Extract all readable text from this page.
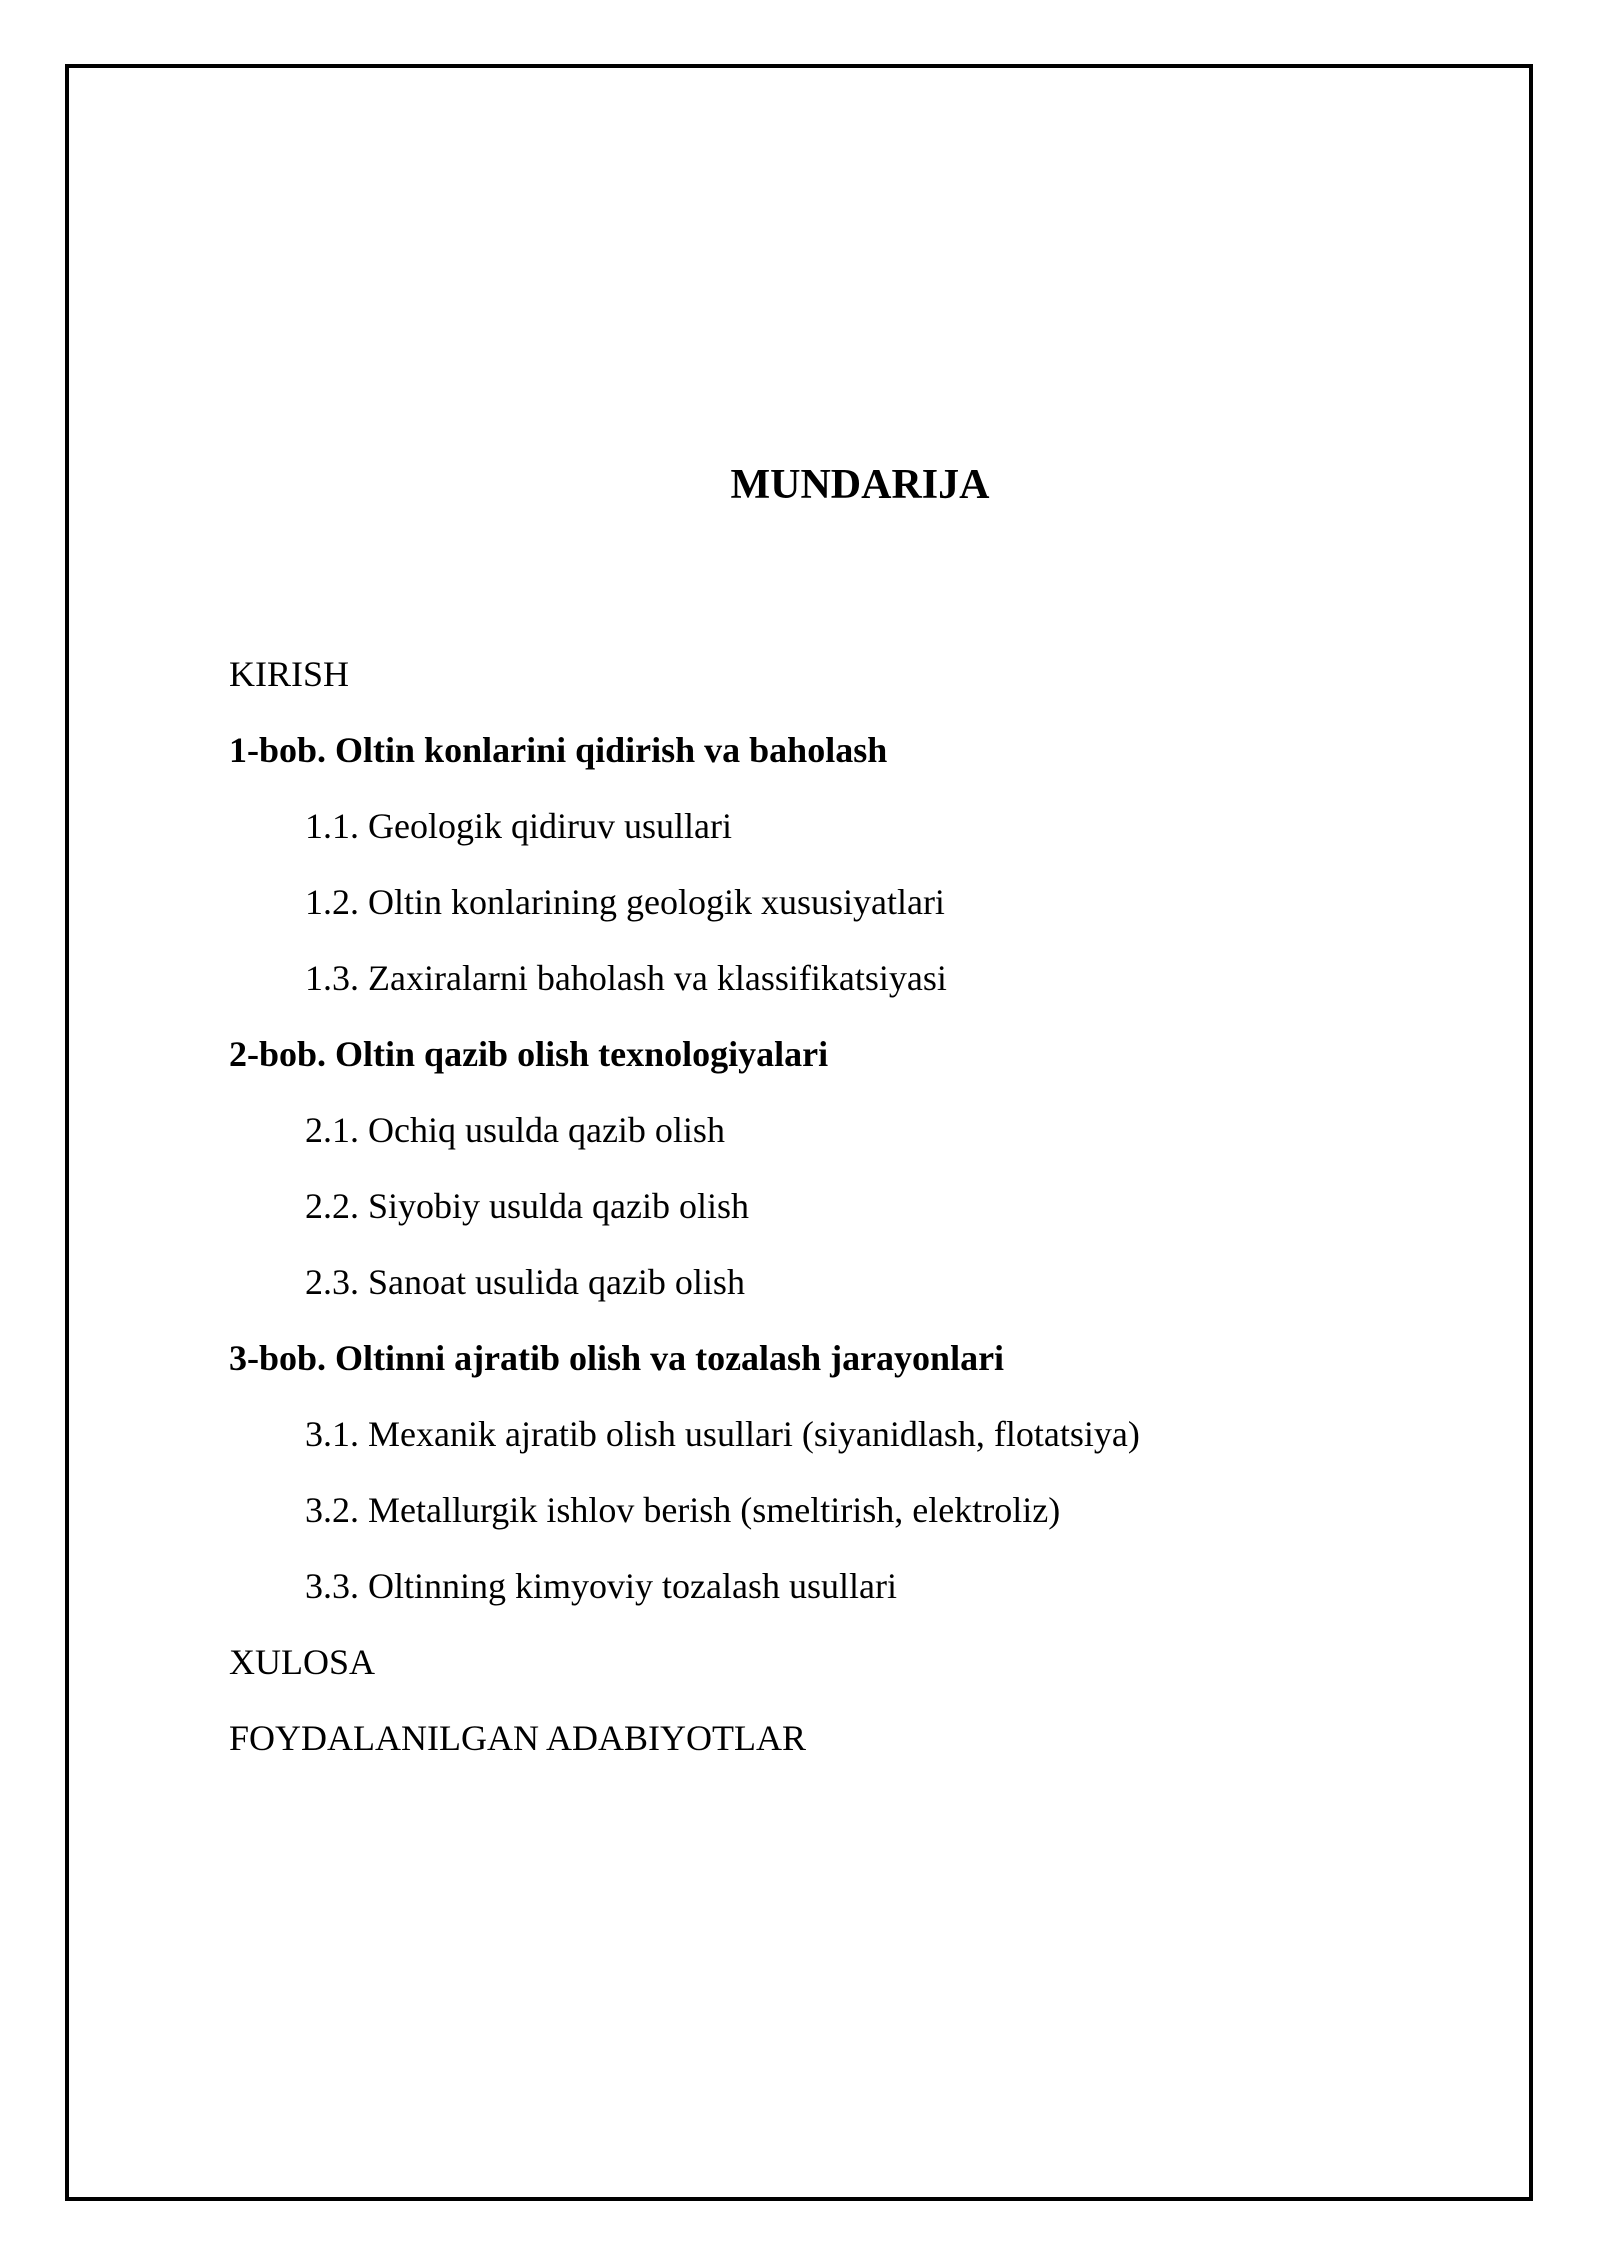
MUNDARIJA
KIRISH
1-bob. Oltin konlarini qidirish va baholash
1.1. Geologik qidiruv usullari
1.2. Oltin konlarining geologik xususiyatlari
1.3. Zaxiralarni baholash va klassifikatsiyasi
2-bob. Oltin qazib olish texnologiyalari
2.1. Ochiq usulda qazib olish
2.2. Siyobiy usulda qazib olish
2.3. Sanoat usulida qazib olish
3-bob. Oltinni ajratib olish va tozalash jarayonlari
3.1. Mexanik ajratib olish usullari (siyanidlash, flotatsiya)
3.2. Metallurgik ishlov berish (smeltirish, elektroliz)
3.3. Oltinning kimyoviy tozalash usullari
XULOSA
FOYDALANILGAN ADABIYOTLAR
